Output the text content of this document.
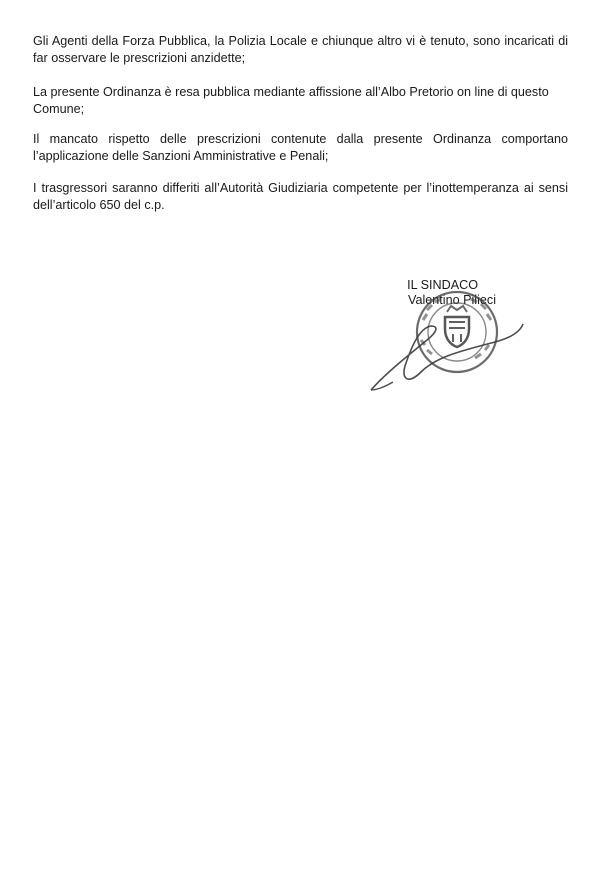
Gli Agenti della Forza Pubblica, la Polizia Locale e chiunque altro vi è tenuto, sono incaricati di far osservare le prescrizioni anzidette;

La presente Ordinanza è resa pubblica mediante affissione all’Albo Pretorio on line di questo Comune;

Il mancato rispetto delle prescrizioni contenute dalla presente Ordinanza comportano l’applicazione delle Sanzioni Amministrative e Penali;

I trasgressori saranno differiti all’Autorità Giudiziaria competente per l’inottemperanza ai sensi dell’articolo 650 del c.p.

IL SINDACO
Valentino Pilieci
